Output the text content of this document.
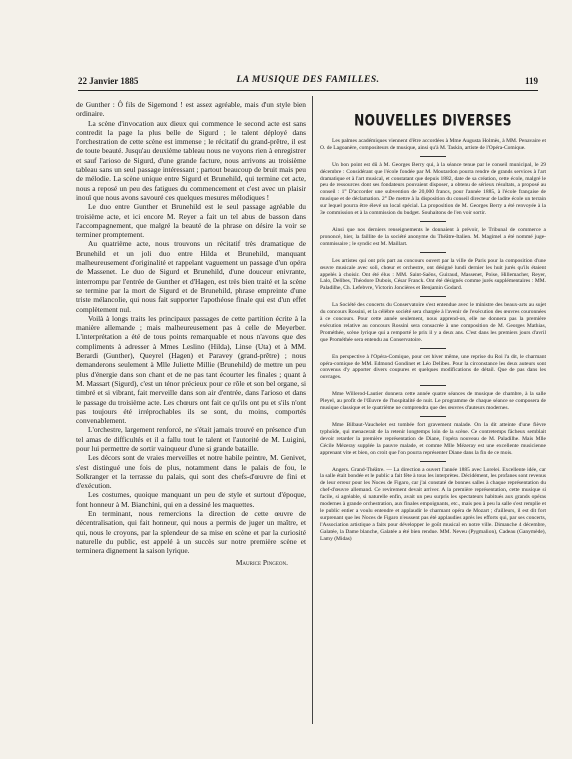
22 Janvier 1885	LA MUSIQUE DES FAMILLES.	119

de Gunther : Ô fils de Sigemond ! est assez agréable, mais d'un style bien ordinaire.

La scène d'invocation aux dieux qui commence le second acte est sans contredit la page la plus belle de Sigurd ; le talent déployé dans l'orchestration de cette scène est immense ; le récitatif du grand-prêtre, il est de toute beauté. Jusqu'au deuxième tableau nous ne voyons rien à enregistrer et sauf l'arioso de Sigurd, d'une grande facture, nous arrivons au troisième tableau sans un seul passage intéressant ; partout beaucoup de bruit mais peu de mélodie. La scène unique entre Sigurd et Brunehild, qui termine cet acte, nous a reposé un peu des fatigues du commencement et c'est avec un plaisir inouï que nous avons savouré ces quelques mesures mélodiques !

Le duo entre Gunther et Brunehild est le seul passage agréable du troisième acte, et ici encore M. Reyer a fait un tel abus de basson dans l'accompagnement, que malgré la beauté de la phrase on désire la voir se terminer promptement.

Au quatrième acte, nous trouvons un récitatif très dramatique de Brunehild et un joli duo entre Hilda et Brunehild, manquant malheureusement d'originalité et rappelant vaguement un passage d'un opéra de Massenet. Le duo de Sigurd et Brunehild, d'une douceur enivrante, interrompu par l'entrée de Gunther et d'Hagen, est très bien traité et la scène se termine par la mort de Sigurd et de Brunehild, phrase empreinte d'une triste mélancolie, qui nous fait supporter l'apothéose finale qui est d'un effet complètement nul.

Voilà à longs traits les principaux passages de cette partition écrite à la manière allemande ; mais malheureusement pas à celle de Meyerber. L'interprétation a été de tous points remarquable et nous n'avons que des compliments à adresser à Mmes Leslino (Hilda), Linse (Uta) et à MM. Berardi (Gunther), Queyrel (Hagen) et Paravey (grand-prêtre) ; nous demanderons seulement à Mlle Juliette Millie (Brunehild) de mettre un peu plus d'énergie dans son chant et de ne pas tant écourter les finales ; quant à M. Massart (Sigurd), c'est un ténor précieux pour ce rôle et son bel organe, si timbré et si vibrant, fait merveille dans son air d'entrée, dans l'arioso et dans le passage du troisième acte. Les chœurs ont fait ce qu'ils ont pu et s'ils n'ont pas toujours été irréprochables ils se sont, du moins, comportés convenablement.

L'orchestre, largement renforcé, ne s'était jamais trouvé en présence d'un tel amas de difficultés et il a fallu tout le talent et l'autorité de M. Luigini, pour lui permettre de sortir vainqueur d'une si grande bataille.

Les décors sont de vraies merveilles et notre habile peintre, M. Genivet, s'est distingué une fois de plus, notamment dans le palais de fou, le Solkranger et la terrasse du palais, qui sont des chefs-d'œuvre de fini et d'exécution.

Les costumes, quoique manquant un peu de style et surtout d'époque, font honneur à M. Bianchini, qui en a dessiné les maquettes.

En terminant, nous remercions la direction de cette œuvre de décentralisation, qui fait honneur, qui nous a permis de juger un maître, et qui, nous le croyons, par la splendeur de sa mise en scène et par la curiosité naturelle du public, est appelé à un succès sur notre première scène et terminera dignement la saison lyrique.

Maurice Pingeon.
NOUVELLES DIVERSES

Les palmes académiques viennent d'être accordées à Mme Augusta Holmès, à MM. Penavaire et O. de Lagoanère, compositeurs de musique, ainsi qu'à M. Taskin, artiste de l'Opéra-Comique.

Un bon point est dû à M. Georges Berry qui, à la séance tenue par le conseil municipal, le 29 décembre : Considérant que l'école fondée par M. Moutardon pourra rendre de grands services à l'art dramatique et à l'art musical, et constatant que depuis 1882, date de sa création, cette école, malgré le peu de ressources dont ses fondateurs pouvaient disposer, a obtenu de sérieux résultats, a proposé au conseil : 1° D'accorder une subvention de 20,000 francs, pour l'année 1885, à l'école française de musique et de déclamation. 2° De mettre à la disposition du conseil directeur de ladite école un terrain sur lequel pourra être élevé un local spécial. La proposition de M. Georges Berry a été renvoyée à la 3e commission et à la commission du budget. Souhaitons de l'en voir sortir.

Ainsi que nos derniers renseignements le donnaient à prévoir, le Tribunal de commerce a prononcé, hier, la faillite de la société anonyme du Théâtre-Italien. M. Magimel a été nommé juge-commissaire ; le syndic est M. Maillart.

Les artistes qui ont pris part au concours ouvert par la ville de Paris pour la composition d'une œuvre musicale avec soli, chœur et orchestre, ont désigné lundi dernier les huit jurés qu'ils étaient appelés à choisir. Ont été élus : MM. Saint-Saëns, Guiraud, Massenet, Poise, Hillemacher, Reyer, Lalo, Delibes, Théodore Dubois, César Franck. Ont été désignés comme jurés supplémentaires : MM. Paladilhe, Ch. Lefebvre, Victorin Joncières et Benjamin Godard.

La Société des concerts du Conservatoire s'est entendue avec le ministre des beaux-arts au sujet du concours Rossini, et la célèbre société sera chargée à l'avenir de l'exécution des œuvres couronnées à ce concours. Pour cette année seulement, nous apprend-on, elle ne donnera pas la première exécution relative au concours Rossini sera consacrée à une composition de M. Georges Mathias, Prométhée, scène lyrique qui a remporté le prix il y a deux ans. C'est dans les premiers jours d'avril que Prométhée sera entendu au Conservatoire.

En perspective à l'Opéra-Comique, pour cet hiver même, une reprise du Roi l'a dit, le charmant opéra-comique de MM. Edmond Gondinet et Léo Delibes. Pour la circonstance les deux auteurs sont convenus d'y apporter divers coupures et quelques modifications de détail. Que de pas dans les ouvrages.

Mme Willerod-Lautier donnera cette année quatre séances de musique de chambre, à la salle Pleyel, au profit de l'Œuvre de l'hospitalité de nuit. Le programme de chaque séance se composera de musique classique et le quatrième ne comprendra que des œuvres d'auteurs modernes.

Mme Bilbaut-Vauchelet est tombée fort gravement malade. On la dit atteinte d'une fièvre typhoïde, qui menacerait de la retenir longtemps loin de la scène. Ce contretemps fâcheux semblait devoir retarder la première représentation de Diane, l'opéra nouveau de M. Paladilhe. Mais Mlle Cécile Mézeray supplée la pauvre malade, et comme Mlle Mézeray est une excellente musicienne apprenant vite et bien, on croit que l'on pourra représenter Diane dans la fin de ce mois.

Angers. Grand-Théâtre. — La direction a ouvert l'année 1885 avec Lorelei. Excellente idée, car la salle était bondée et le public a fait fête à tous les interprètes. Décidément, les profanes sont revenus de leur erreur pour les Noces de Figaro, car j'ai constaté de bonnes salles à chaque représentation du chef-d'œuvre allemand. Ce revirement devait arriver. A la première représentation, cette musique si facile, si agréable, si naturelle enfin, avait un peu surpris les spectateurs habitués aux grands opéras modernes à grande orchestration, aux finales empoignants, etc., mais peu à peu la salle s'est remplie et le public entier a voulu entendre et applaudir le charmant opéra de Mozart ; d'ailleurs, il est dit fort surprenant que les Noces de Figaro n'eussent pas été applaudies après les efforts qui, par ses concerts, l'Association artistique a faits pour développer le goût musical en notre ville. Dimanche 4 décembre, Galatée, la Dame blanche, Galatée a été bien rendue. MM. Neveu (Pygmalion), Cadeau (Ganymède), Lamy (Midas)
